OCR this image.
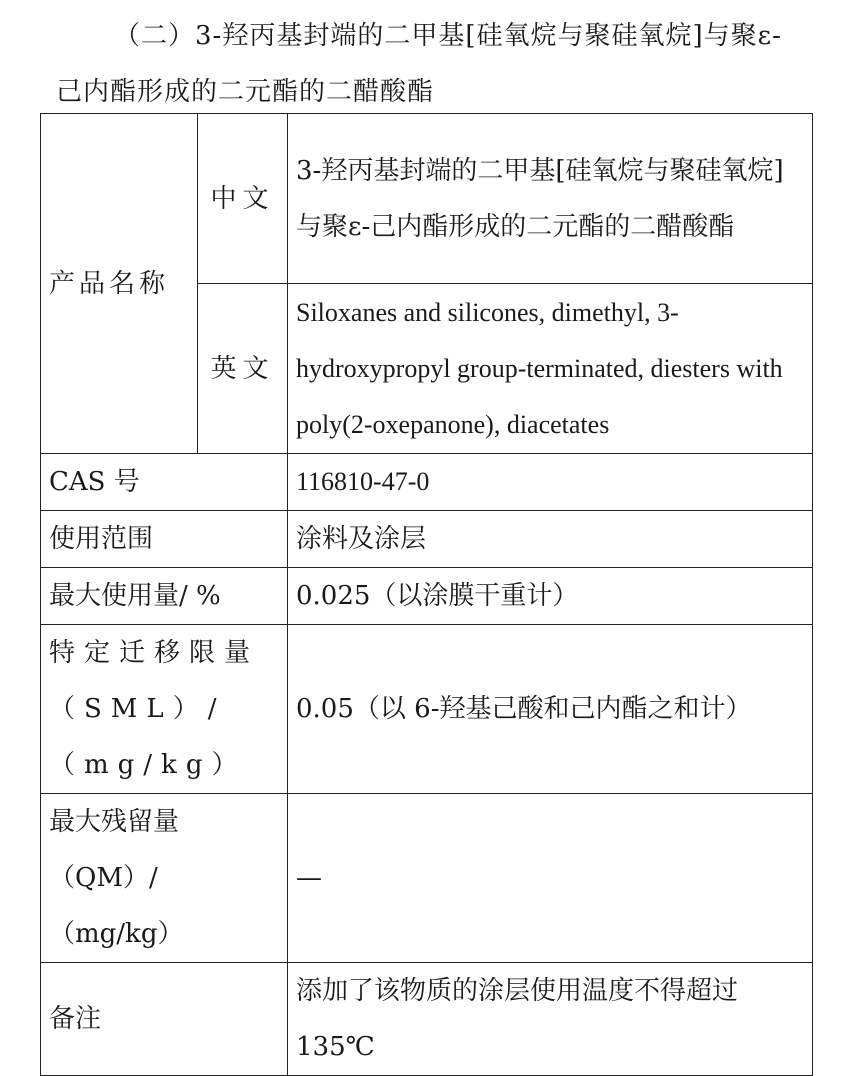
（二）3-羟丙基封端的二甲基[硅氧烷与聚硅氧烷]与聚ε-
己内酯形成的二元酯的二醋酸酯
产品名称	中文	3-羟丙基封端的二甲基[硅氧烷与聚硅氧烷]与聚ε-己内酯形成的二元酯的二醋酸酯
	英文	Siloxanes and silicones, dimethyl, 3-hydroxypropyl group-terminated, diesters with poly(2-oxepanone), diacetates
CAS 号		116810-47-0
使用范围		涂料及涂层
最大使用量/ %		0.025（以涂膜干重计）
特定迁移限量（SML）/（mg/kg）		0.05（以 6-羟基己酸和己内酯之和计）
最大残留量（QM）/（mg/kg）		—
备注		添加了该物质的涂层使用温度不得超过 135℃
